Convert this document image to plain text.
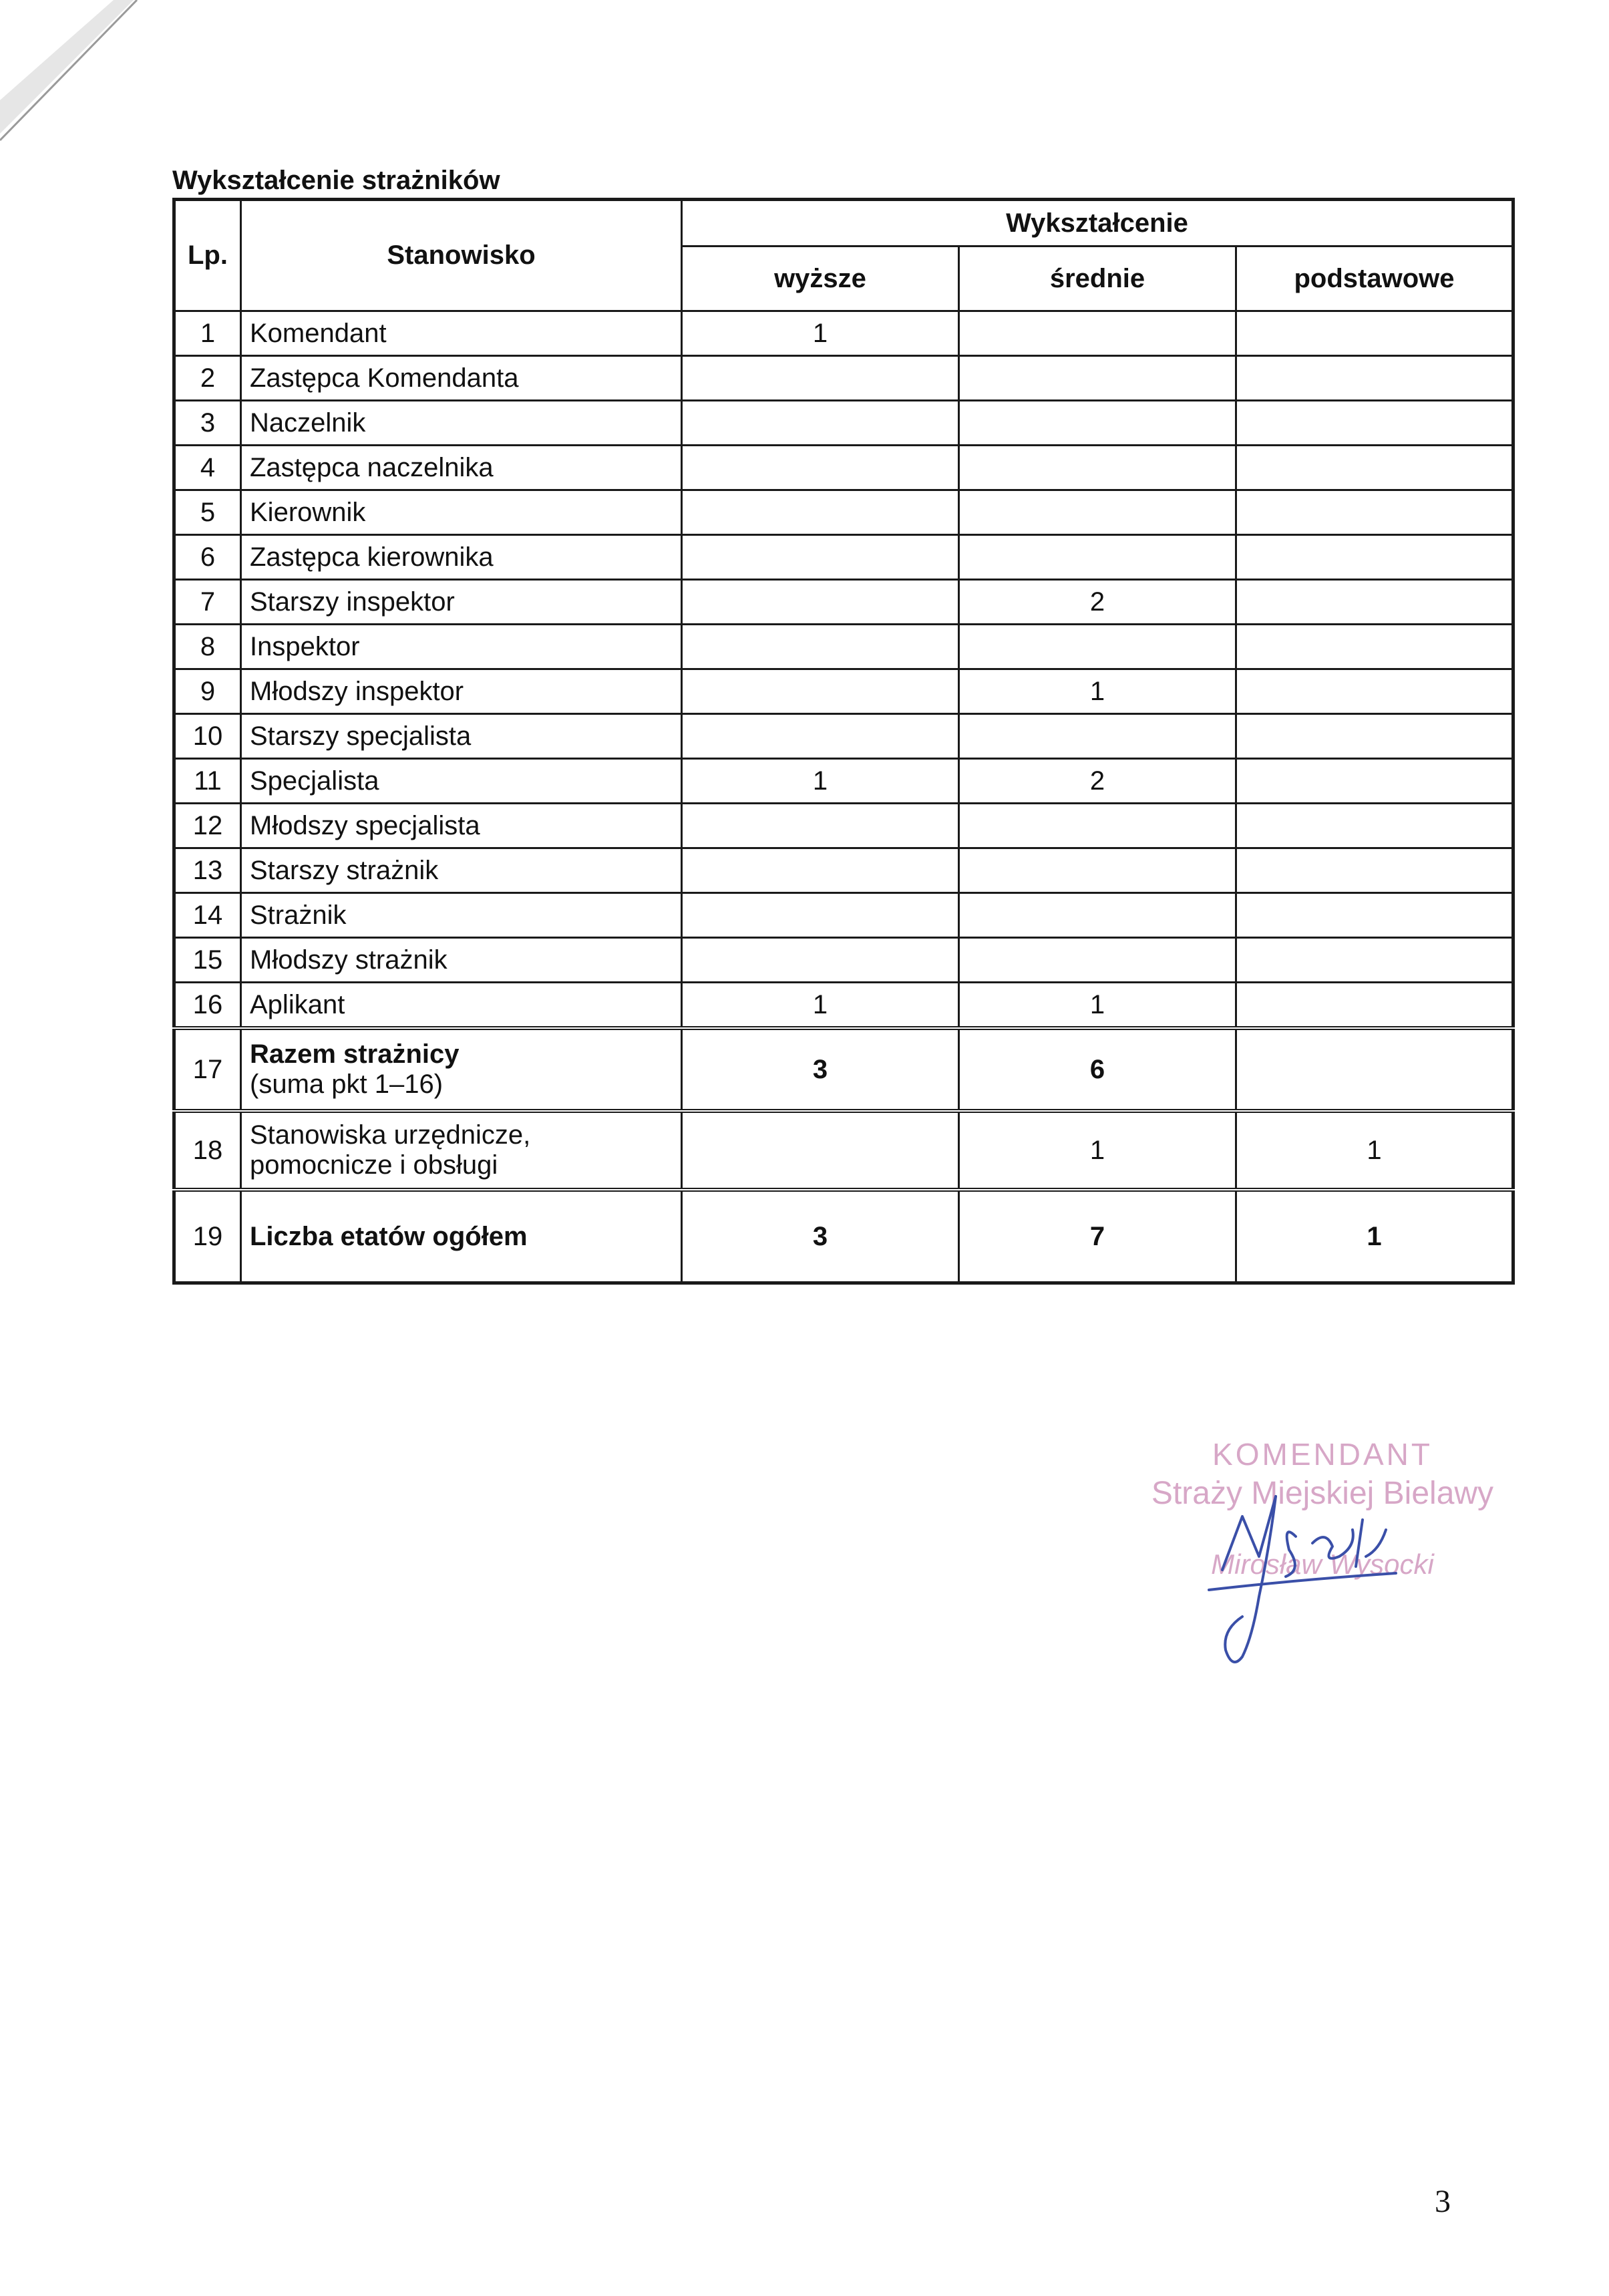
Wykształcenie strażników
Lp.	Stanowisko	Wykształcenie		
		wyższe	średnie	podstawowe
1	Komendant	1		
2	Zastępca Komendanta			
3	Naczelnik			
4	Zastępca naczelnika			
5	Kierownik			
6	Zastępca kierownika			
7	Starszy inspektor		2	
8	Inspektor			
9	Młodszy inspektor		1	
10	Starszy specjalista			
11	Specjalista	1	2	
12	Młodszy specjalista			
13	Starszy strażnik			
14	Strażnik			
15	Młodszy strażnik			
16	Aplikant	1	1	
17	Razem strażnicy
(suma pkt 1–16)	3	6	
18	Stanowiska urzędnicze,
pomocnicze i obsługi		1	1
19	Liczba etatów ogółem	3	7	1
KOMENDANT
Straży Miejskiej Bielawy
Mirosław Wysocki
3
